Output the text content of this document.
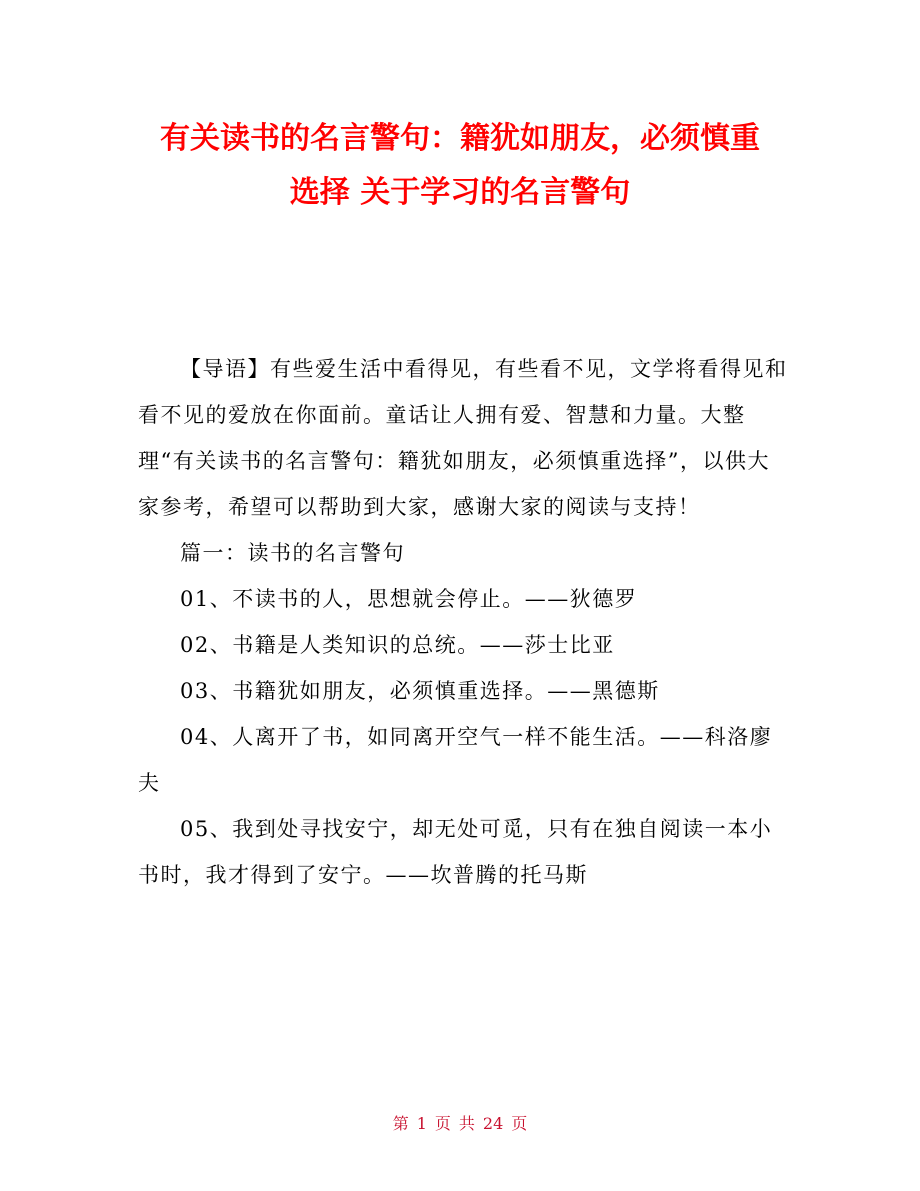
有关读书的名言警句：籍犹如朋友，必须慎重
选择 关于学习的名言警句

【导语】有些爱生活中看得见，有些看不见，文学将看得见和看不见的爱放在你面前。童话让人拥有爱、智慧和力量。大整理“有关读书的名言警句：籍犹如朋友，必须慎重选择”，以供大家参考，希望可以帮助到大家，感谢大家的阅读与支持！

篇一：读书的名言警句

01、不读书的人，思想就会停止。——狄德罗

02、书籍是人类知识的总统。——莎士比亚

03、书籍犹如朋友，必须慎重选择。——黑德斯

04、人离开了书，如同离开空气一样不能生活。——科洛廖夫

05、我到处寻找安宁，却无处可觅，只有在独自阅读一本小书时，我才得到了安宁。——坎普腾的托马斯

第 1 页 共 24 页
